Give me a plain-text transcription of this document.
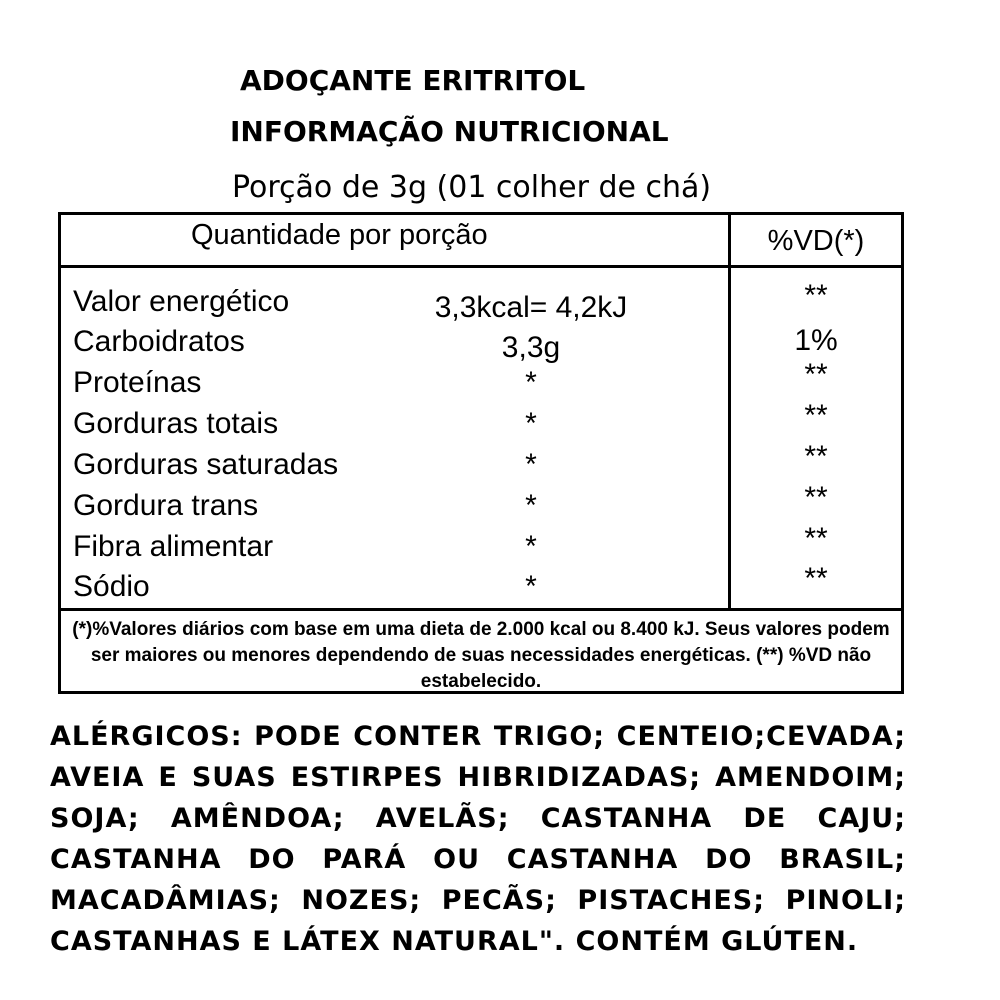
ADOÇANTE ERITRITOL
INFORMAÇÃO NUTRICIONAL
Porção de 3g (01 colher de chá)
Quantidade por porção	%VD(*)
Valor energético	3,3kcal= 4,2kJ	**
Carboidratos	3,3g	1%
Proteínas	*	**
Gorduras totais	*	**
Gorduras saturadas	*	**
Gordura trans	*	**
Fibra alimentar	*	**
Sódio	*	**
(*)%Valores diários com base em uma dieta de 2.000 kcal ou 8.400 kJ. Seus valores podem ser maiores ou menores dependendo de suas necessidades energéticas. (**) %VD não estabelecido.
ALÉRGICOS: PODE CONTER TRIGO; CENTEIO;CEVADA; AVEIA E SUAS ESTIRPES HIBRIDIZADAS; AMENDOIM; SOJA; AMÊNDOA; AVELÃS; CASTANHA DE CAJU; CASTANHA DO PARÁ OU CASTANHA DO BRASIL; MACADÂMIAS; NOZES; PECÃS; PISTACHES; PINOLI; CASTANHAS E LÁTEX NATURAL". CONTÉM GLÚTEN.
